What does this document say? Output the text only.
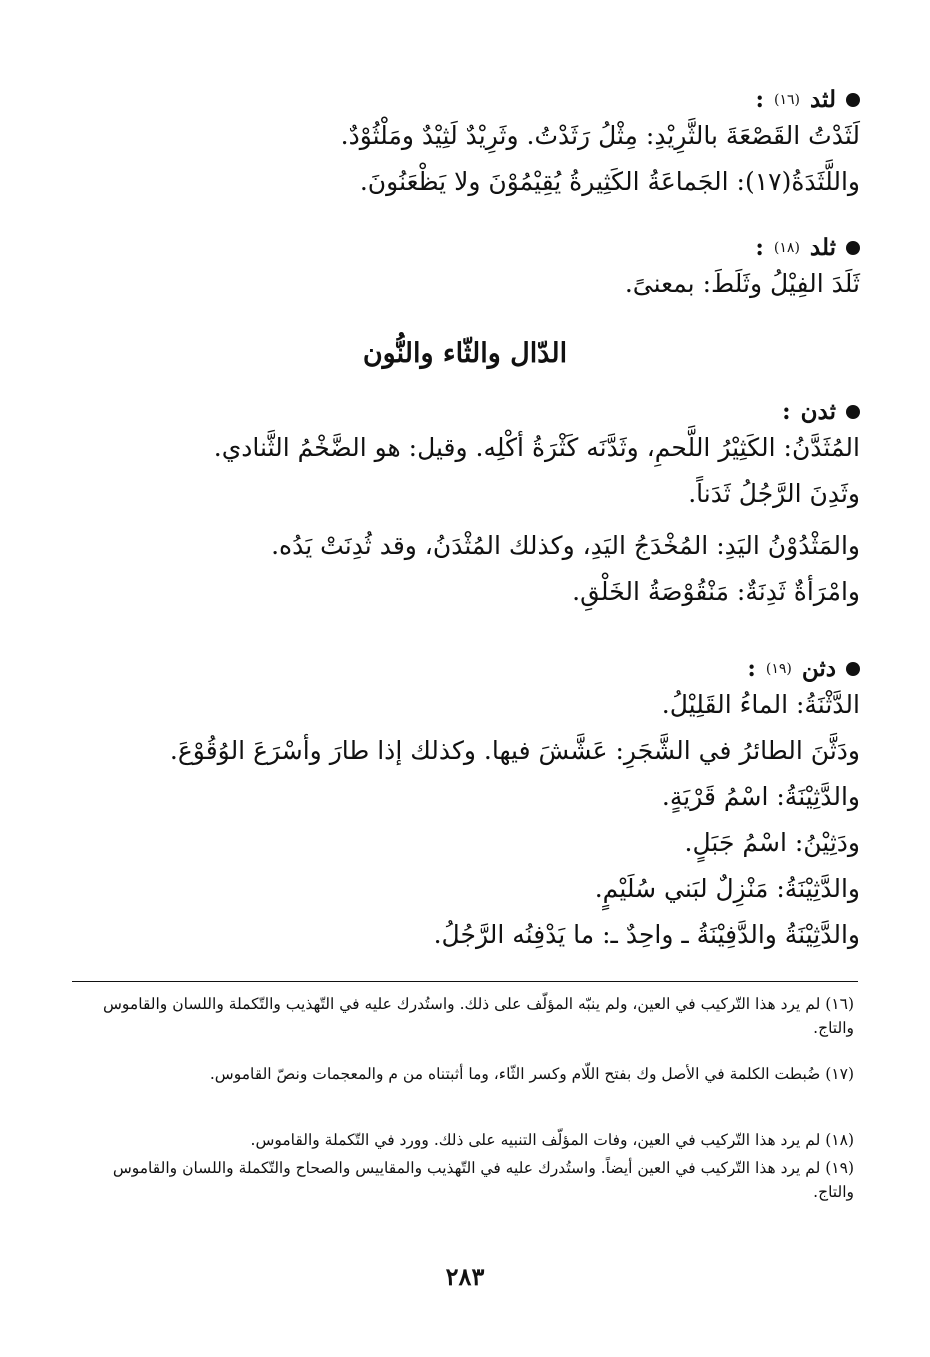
لثد
(١٦)
:
لَثَدْتُ القَصْعَةَ بالثَّرِيْدِ: مِثْلُ رَثَدْتُ. وثَرِيْدٌ لَثِيْدٌ ومَلْثُوْدٌ.
واللَّثَدَةُ(١٧): الجَماعَةُ الكَثِيرةُ يُقِيْمُوْنَ ولا يَظْعَنُونَ.
ثلد
(١٨)
:
ثَلَدَ الفِيْلُ وثَلَطَ: بمعنىً.
الدّال والثّاء والنُّون
ثدن
:
المُثَدَّنُ: الكَثِيْرُ اللَّحمِ، وثَدَّنَه كَثْرَةُ أكْلِه. وقيل: هو الضَّخْمُ الثَّنادي.
وثَدِنَ الرَّجُلُ ثَدَناً.
والمَثْدُوْنُ اليَدِ: المُخْدَجُ اليَدِ، وكذلك المُثْدَنُ، وقد ثُدِنَتْ يَدُه.
وامْرَأةٌ ثَدِنَةٌ: مَنْقُوْصَةُ الخَلْقِ.
دثن
(١٩)
:
الدَّثْنَةُ: الماءُ القَلِيْلُ.
ودَثَّنَ الطائرُ في الشَّجَرِ: عَشَّشَ فيها. وكذلك إذا طارَ وأسْرَعَ الوُقُوْعَ.
والدَّثِيْنَةُ: اسْمُ قَرْيَةٍ.
ودَثِيْنُ: اسْمُ جَبَلٍ.
والدَّثِيْنَةُ: مَنْزِلٌ لبَني سُلَيْمٍ.
والدَّثِيْنَةُ والدَّفِيْنَةُ ـ واحِدٌ ـ: ما يَدْفِنُه الرَّجُلُ.
(١٦) لم يرد هذا التّركيب في العين، ولم ينبّه المؤلّف على ذلك. واستُدرك عليه في التّهذيب والتّكملة واللسان والقاموس والتاج.
(١٧) ضُبطت الكلمة في الأصل وك بفتح اللّام وكسر الثّاء، وما أثبتناه من م والمعجمات ونصّ القاموس.
(١٨) لم يرد هذا التّركيب في العين، وفات المؤلّف التنبيه على ذلك. وورد في التّكملة والقاموس.
(١٩) لم يرد هذا التّركيب في العين أيضاً. واستُدرك عليه في التّهذيب والمقاييس والصحاح والتّكملة واللسان والقاموس والتاج.
٢٨٣
